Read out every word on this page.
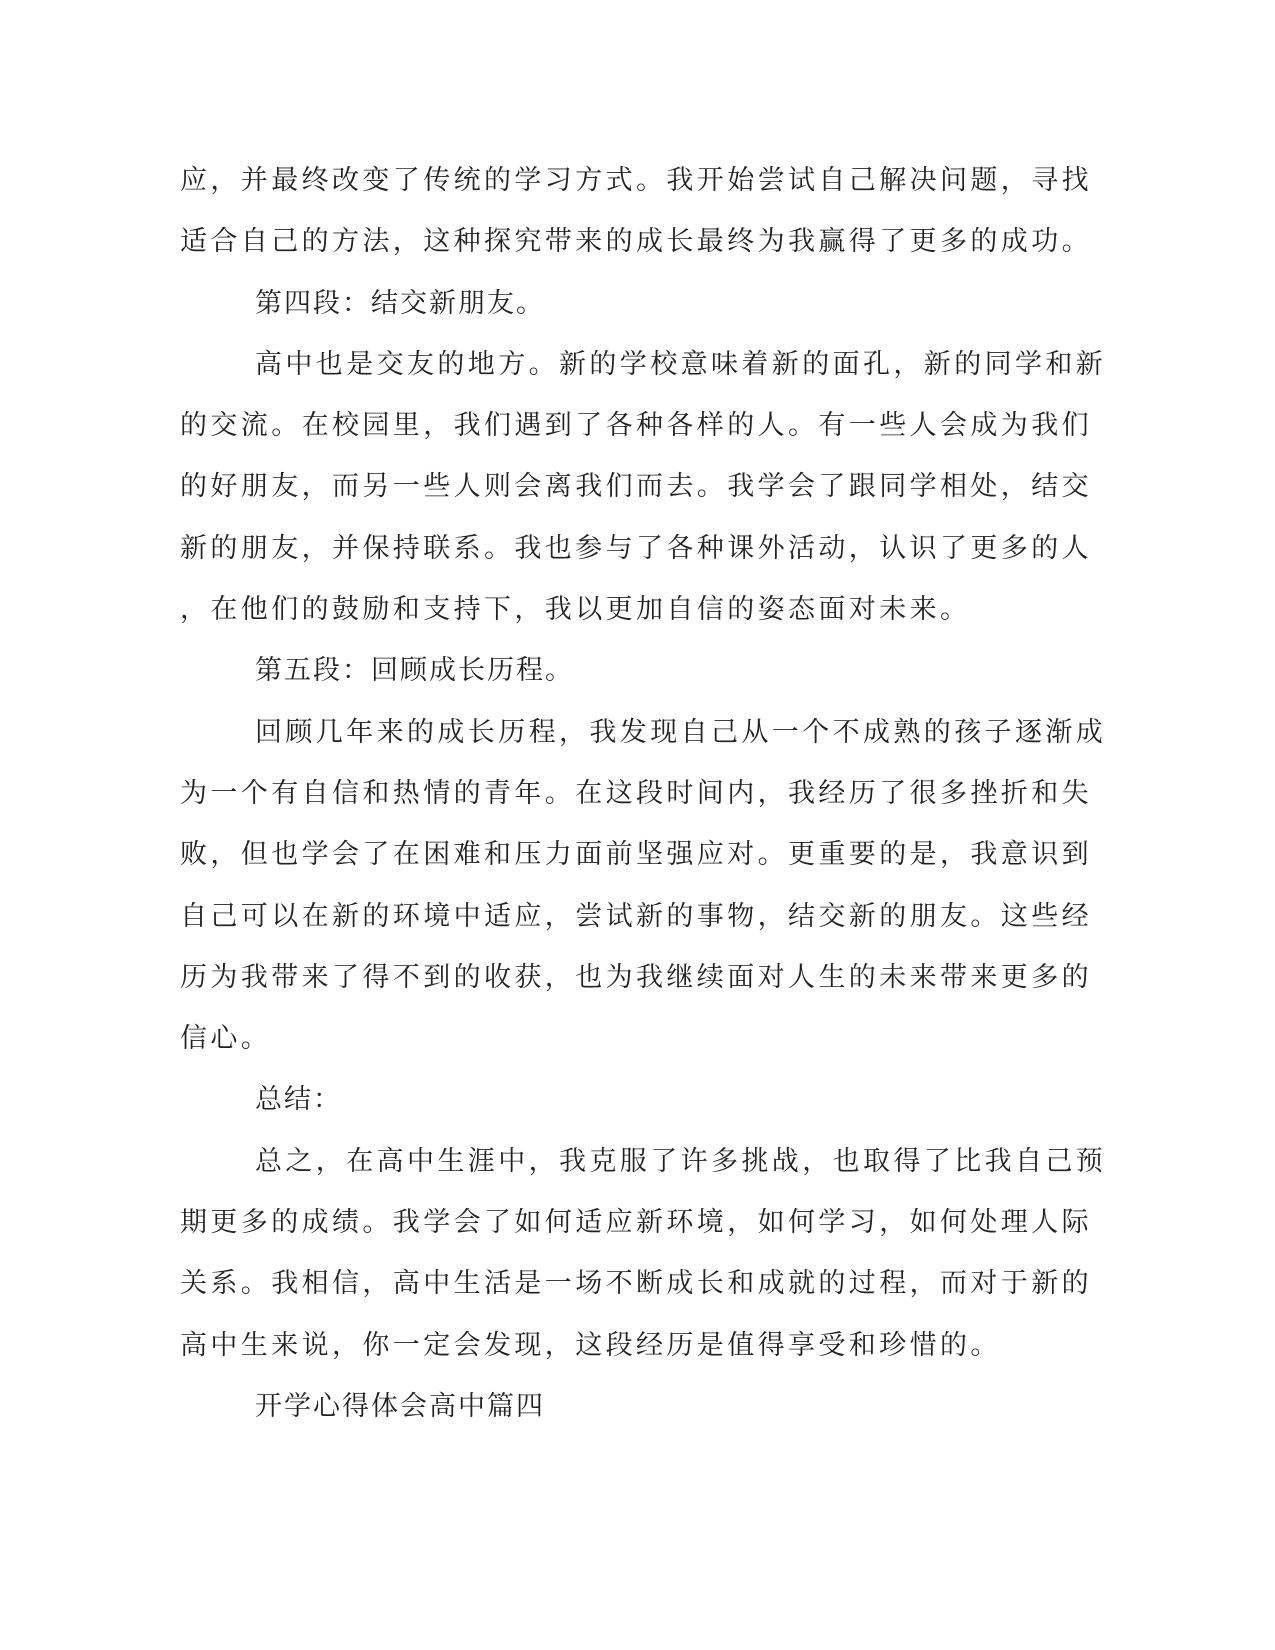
应，并最终改变了传统的学习方式。我开始尝试自己解决问题，寻找
适合自己的方法，这种探究带来的成长最终为我赢得了更多的成功。
第四段：结交新朋友。
高中也是交友的地方。新的学校意味着新的面孔，新的同学和新
的交流。在校园里，我们遇到了各种各样的人。有一些人会成为我们
的好朋友，而另一些人则会离我们而去。我学会了跟同学相处，结交
新的朋友，并保持联系。我也参与了各种课外活动，认识了更多的人
，在他们的鼓励和支持下，我以更加自信的姿态面对未来。
第五段：回顾成长历程。
回顾几年来的成长历程，我发现自己从一个不成熟的孩子逐渐成
为一个有自信和热情的青年。在这段时间内，我经历了很多挫折和失
败，但也学会了在困难和压力面前坚强应对。更重要的是，我意识到
自己可以在新的环境中适应，尝试新的事物，结交新的朋友。这些经
历为我带来了得不到的收获，也为我继续面对人生的未来带来更多的
信心。
总结：
总之，在高中生涯中，我克服了许多挑战，也取得了比我自己预
期更多的成绩。我学会了如何适应新环境，如何学习，如何处理人际
关系。我相信，高中生活是一场不断成长和成就的过程，而对于新的
高中生来说，你一定会发现，这段经历是值得享受和珍惜的。
开学心得体会高中篇四
